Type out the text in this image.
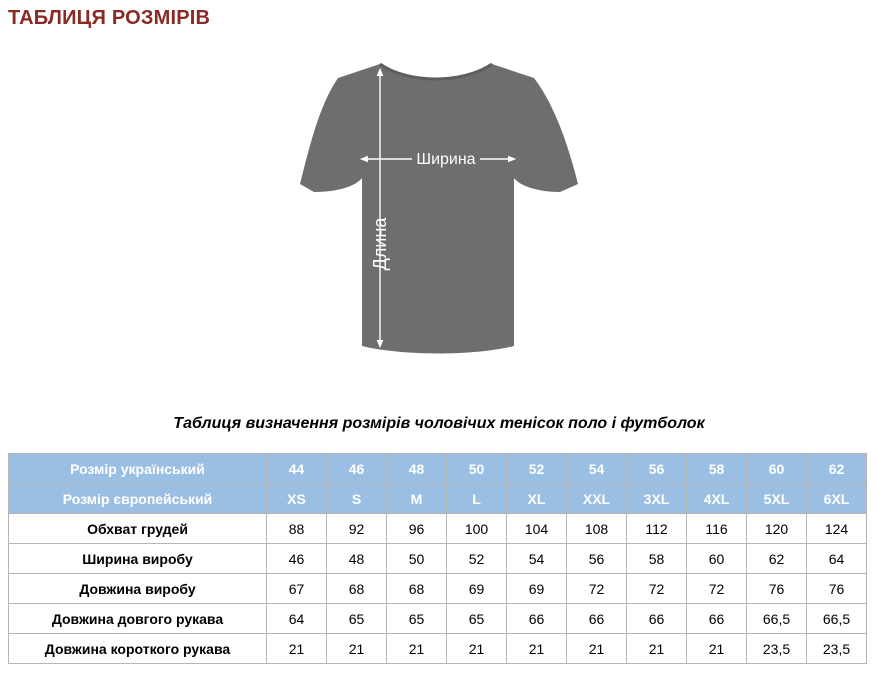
ТАБЛИЦЯ РОЗМІРІВ
Ширина
Длина
Таблиця визначення розмірів чоловічих тенісок поло і футболок
Розмір український	44	46	48	50	52	54	56	58	60	62
Розмір європейський	XS	S	M	L	XL	XXL	3XL	4XL	5XL	6XL
Обхват грудей	88	92	96	100	104	108	112	116	120	124
Ширина виробу	46	48	50	52	54	56	58	60	62	64
Довжина виробу	67	68	68	69	69	72	72	72	76	76
Довжина довгого рукава	64	65	65	65	66	66	66	66	66,5	66,5
Довжина короткого рукава	21	21	21	21	21	21	21	21	23,5	23,5
